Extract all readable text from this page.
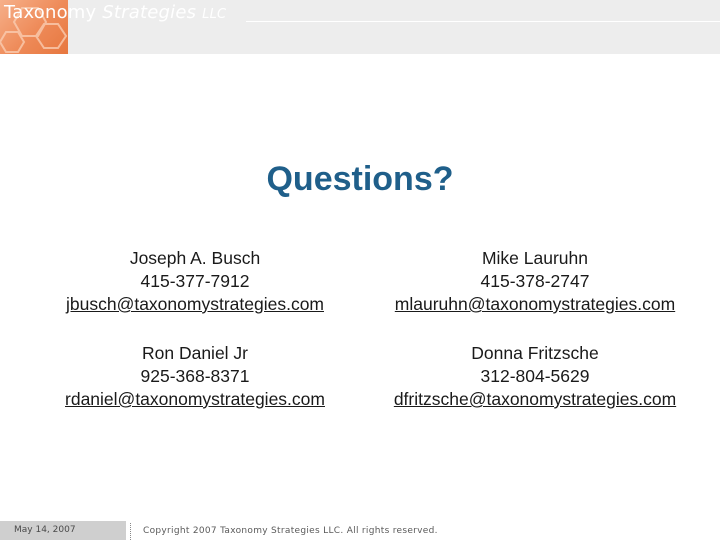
Taxonomy Strategies LLC
Questions?
Joseph A. Busch
415-377-7912
jbusch@taxonomystrategies.com
Mike Lauruhn
415-378-2747
mlauruhn@taxonomystrategies.com
Ron Daniel Jr
925-368-8371
rdaniel@taxonomystrategies.com
Donna Fritzsche
312-804-5629
dfritzsche@taxonomystrategies.com
May 14, 2007	Copyright 2007 Taxonomy Strategies LLC. All rights reserved.
